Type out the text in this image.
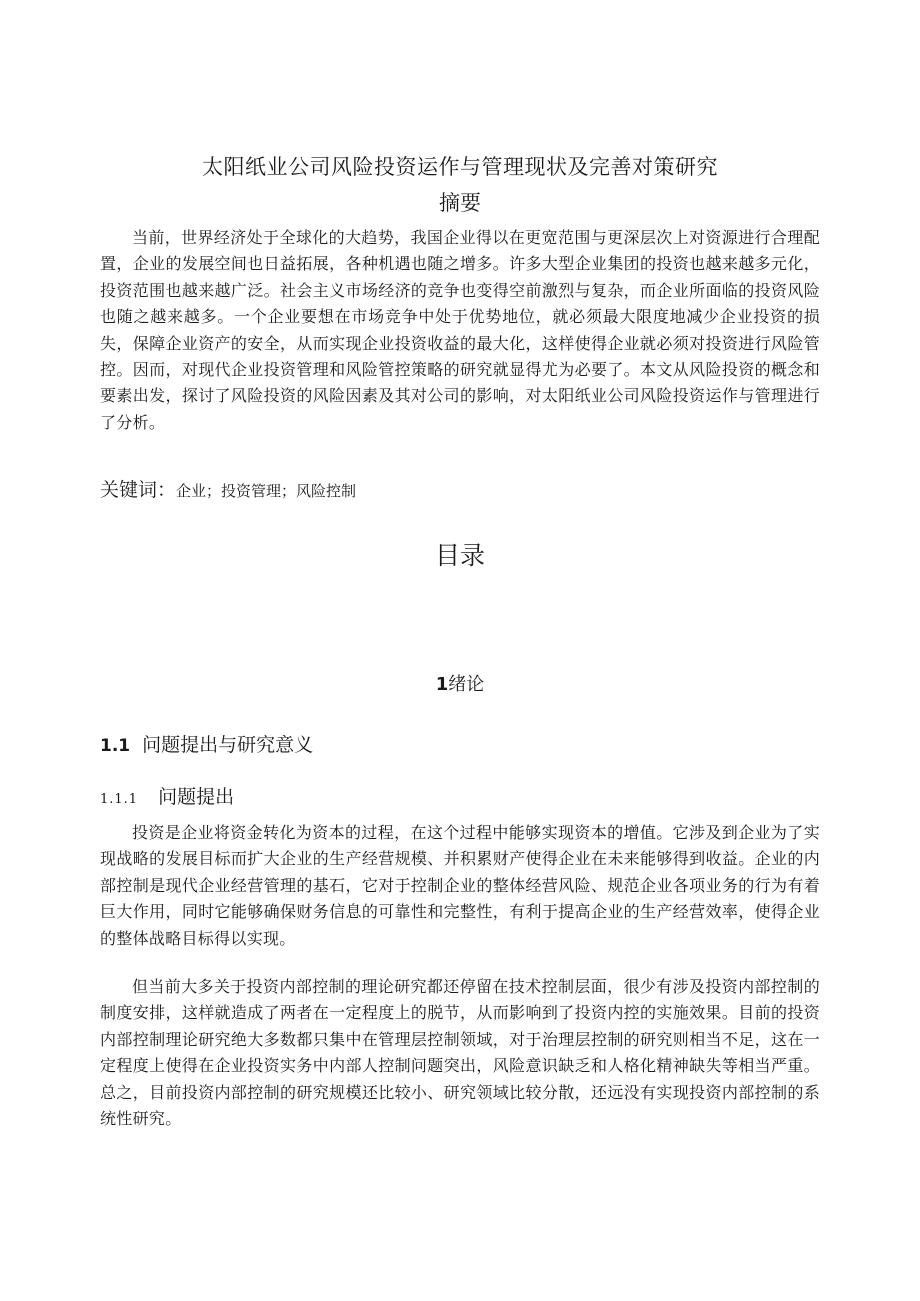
太阳纸业公司风险投资运作与管理现状及完善对策研究
摘要

当前，世界经济处于全球化的大趋势，我国企业得以在更宽范围与更深层次上对资源进行合理配置，企业的发展空间也日益拓展，各种机遇也随之增多。许多大型企业集团的投资也越来越多元化，投资范围也越来越广泛。社会主义市场经济的竞争也变得空前激烈与复杂，而企业所面临的投资风险也随之越来越多。一个企业要想在市场竞争中处于优势地位，就必须最大限度地减少企业投资的损失，保障企业资产的安全，从而实现企业投资收益的最大化，这样使得企业就必须对投资进行风险管控。因而，对现代企业投资管理和风险管控策略的研究就显得尤为必要了。本文从风险投资的概念和要素出发，探讨了风险投资的风险因素及其对公司的影响，对太阳纸业公司风险投资运作与管理进行了分析。

关键词：企业；投资管理；风险控制
目录
1绪论
1.1 问题提出与研究意义
1.1.1 问题提出

投资是企业将资金转化为资本的过程，在这个过程中能够实现资本的增值。它涉及到企业为了实现战略的发展目标而扩大企业的生产经营规模、并积累财产使得企业在未来能够得到收益。企业的内部控制是现代企业经营管理的基石，它对于控制企业的整体经营风险、规范企业各项业务的行为有着巨大作用，同时它能够确保财务信息的可靠性和完整性，有利于提高企业的生产经营效率，使得企业的整体战略目标得以实现。

但当前大多关于投资内部控制的理论研究都还停留在技术控制层面，很少有涉及投资内部控制的制度安排，这样就造成了两者在一定程度上的脱节，从而影响到了投资内控的实施效果。目前的投资内部控制理论研究绝大多数都只集中在管理层控制领域，对于治理层控制的研究则相当不足，这在一定程度上使得在企业投资实务中内部人控制问题突出，风险意识缺乏和人格化精神缺失等相当严重。总之，目前投资内部控制的研究规模还比较小、研究领域比较分散，还远没有实现投资内部控制的系统性研究。
